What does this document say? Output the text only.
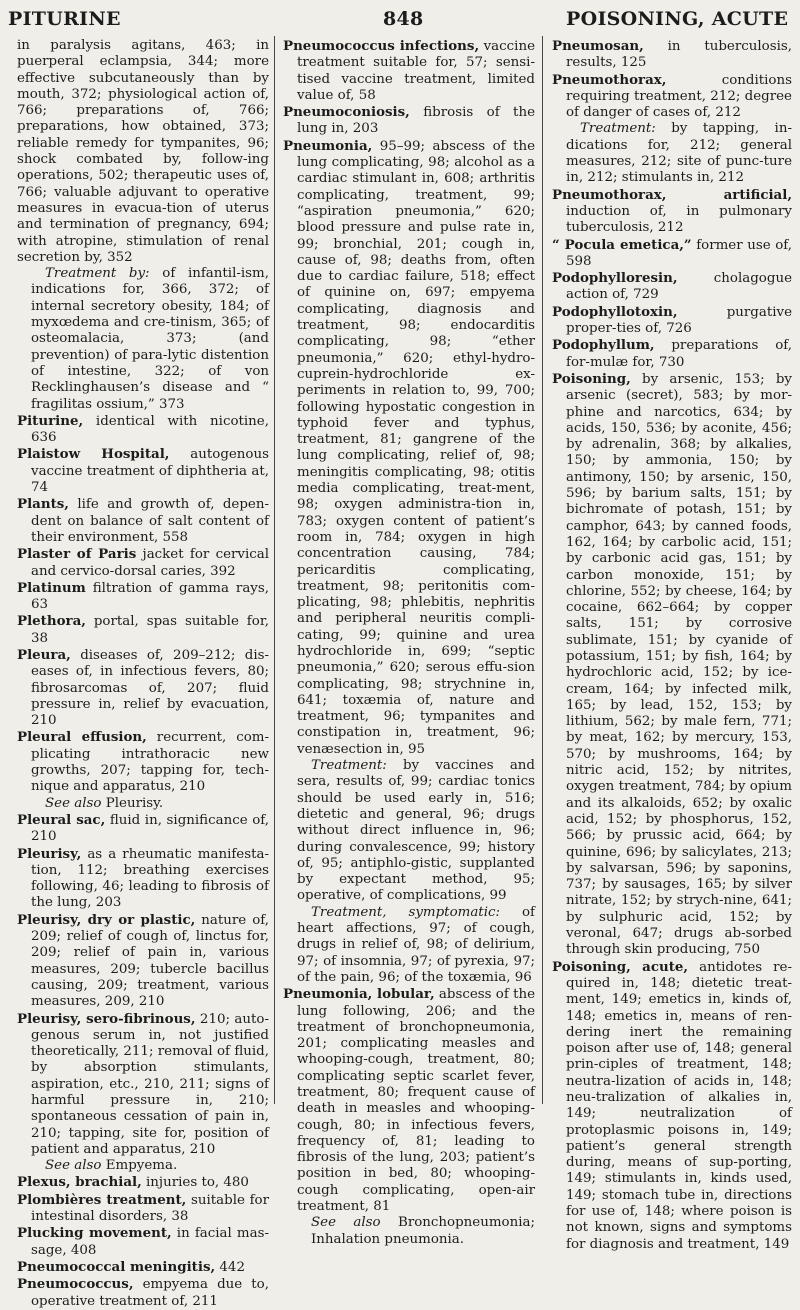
PITURINE	848	POISONING, ACUTE

in paralysis agitans, 463; in puerperal eclampsia, 344; more effective subcutaneously than by mouth, 372; physiological action of, 766; preparations of, 766; preparations, how obtained, 373; reliable remedy for tympanites, 96; shock combated by, follow-ing operations, 502; therapeutic uses of, 766; valuable adjuvant to operative measures in evacua-tion of uterus and termination of pregnancy, 694; with atropine, stimulation of renal secretion by, 352

Treatment by: of infantil-ism, indications for, 366, 372; of internal secretory obesity, 184; of myxœdema and cre-tinism, 365; of osteomalacia, 373; (and prevention) of para-lytic distention of intestine, 322; of von Recklinghausen’s disease and “ fragilitas ossium,” 373

Piturine, identical with nicotine, 636

Plaistow Hospital, autogenous vaccine treatment of diphtheria at, 74

Plants, life and growth of, depen-dent on balance of salt content of their environment, 558

Plaster of Paris jacket for cervical and cervico-dorsal caries, 392

Platinum filtration of gamma rays, 63

Plethora, portal, spas suitable for, 38

Pleura, diseases of, 209–212; dis-eases of, in infectious fevers, 80; fibrosarcomas of, 207; fluid pressure in, relief by evacuation, 210

Pleural effusion, recurrent, com-plicating intrathoracic new growths, 207; tapping for, tech-nique and apparatus, 210

See also Pleurisy.

Pleural sac, fluid in, significance of, 210

Pleurisy, as a rheumatic manifesta-tion, 112; breathing exercises following, 46; leading to fibrosis of the lung, 203

Pleurisy, dry or plastic, nature of, 209; relief of cough of, linctus for, 209; relief of pain in, various measures, 209; tubercle bacillus causing, 209; treatment, various measures, 209, 210

Pleurisy, sero-fibrinous, 210; auto-genous serum in, not justified theoretically, 211; removal of fluid, by absorption stimulants, aspiration, etc., 210, 211; signs of harmful pressure in, 210; spontaneous cessation of pain in, 210; tapping, site for, position of patient and apparatus, 210

See also Empyema.

Plexus, brachial, injuries to, 480

Plombières treatment, suitable for intestinal disorders, 38

Plucking movement, in facial mas-sage, 408

Pneumococcal meningitis, 442

Pneumococcus, empyema due to, operative treatment of, 211

Pneumococcus infections, vaccine treatment suitable for, 57; sensi-tised vaccine treatment, limited value of, 58

Pneumoconiosis, fibrosis of the lung in, 203

Pneumonia, 95–99; abscess of the lung complicating, 98; alcohol as a cardiac stimulant in, 608; arthritis complicating, treatment, 99; “aspiration pneumonia,” 620; blood pressure and pulse rate in, 99; bronchial, 201; cough in, cause of, 98; deaths from, often due to cardiac failure, 518; effect of quinine on, 697; empyema complicating, diagnosis and treatment, 98; endocarditis complicating, 98; “ether pneumonia,” 620; ethyl-hydro-cuprein-hydrochloride ex-periments in relation to, 99, 700; following hypostatic congestion in typhoid fever and typhus, treatment, 81; gangrene of the lung complicating, relief of, 98; meningitis complicating, 98; otitis media complicating, treat-ment, 98; oxygen administra-tion in, 783; oxygen content of patient’s room in, 784; oxygen in high concentration causing, 784; pericarditis complicating, treatment, 98; peritonitis com-plicating, 98; phlebitis, nephritis and peripheral neuritis compli-cating, 99; quinine and urea hydrochloride in, 699; “septic pneumonia,” 620; serous effu-sion complicating, 98; strychnine in, 641; toxæmia of, nature and treatment, 96; tympanites and constipation in, treatment, 96; venæsection in, 95

Treatment: by vaccines and sera, results of, 99; cardiac tonics should be used early in, 516; dietetic and general, 96; drugs without direct influence in, 96; during convalescence, 99; history of, 95; antiphlo-gistic, supplanted by expectant method, 95; operative, of complications, 99

Treatment, symptomatic: of heart affections, 97; of cough, drugs in relief of, 98; of delirium, 97; of insomnia, 97; of pyrexia, 97; of the pain, 96; of the toxæmia, 96

Pneumonia, lobular, abscess of the lung following, 206; and the treatment of bronchopneumonia, 201; complicating measles and whooping-cough, treatment, 80; complicating septic scarlet fever, treatment, 80; frequent cause of death in measles and whooping-cough, 80; in infectious fevers, frequency of, 81; leading to fibrosis of the lung, 203; patient’s position in bed, 80; whooping-cough complicating, open-air treatment, 81

See also Bronchopneumonia; Inhalation pneumonia.

Pneumosan, in tuberculosis, results, 125

Pneumothorax, conditions requiring treatment, 212; degree of danger of cases of, 212

Treatment: by tapping, in-dications for, 212; general measures, 212; site of punc-ture in, 212; stimulants in, 212

Pneumothorax, artificial, induction of, in pulmonary tuberculosis, 212

“ Pocula emetica,” former use of, 598

Podophylloresin, cholagogue action of, 729

Podophyllotoxin, purgative proper-ties of, 726

Podophyllum, preparations of, for-mulæ for, 730

Poisoning, by arsenic, 153; by arsenic (secret), 583; by mor-phine and narcotics, 634; by acids, 150, 536; by aconite, 456; by adrenalin, 368; by alkalies, 150; by ammonia, 150; by antimony, 150; by arsenic, 150, 596; by barium salts, 151; by bichromate of potash, 151; by camphor, 643; by canned foods, 162, 164; by carbolic acid, 151; by carbonic acid gas, 151; by carbon monoxide, 151; by chlorine, 552; by cheese, 164; by cocaine, 662–664; by copper salts, 151; by corrosive sublimate, 151; by cyanide of potassium, 151; by fish, 164; by hydrochloric acid, 152; by ice-cream, 164; by infected milk, 165; by lead, 152, 153; by lithium, 562; by male fern, 771; by meat, 162; by mercury, 153, 570; by mushrooms, 164; by nitric acid, 152; by nitrites, oxygen treatment, 784; by opium and its alkaloids, 652; by oxalic acid, 152; by phosphorus, 152, 566; by prussic acid, 664; by quinine, 696; by salicylates, 213; by salvarsan, 596; by saponins, 737; by sausages, 165; by silver nitrate, 152; by strych-nine, 641; by sulphuric acid, 152; by veronal, 647; drugs ab-sorbed through skin producing, 750

Poisoning, acute, antidotes re-quired in, 148; dietetic treat-ment, 149; emetics in, kinds of, 148; emetics in, means of ren-dering inert the remaining poison after use of, 148; general prin-ciples of treatment, 148; neutra-lization of acids in, 148; neu-tralization of alkalies in, 149; neutralization of protoplasmic poisons in, 149; patient’s general strength during, means of sup-porting, 149; stimulants in, kinds used, 149; stomach tube in, directions for use of, 148; where poison is not known, signs and symptoms for diagnosis and treatment, 149
